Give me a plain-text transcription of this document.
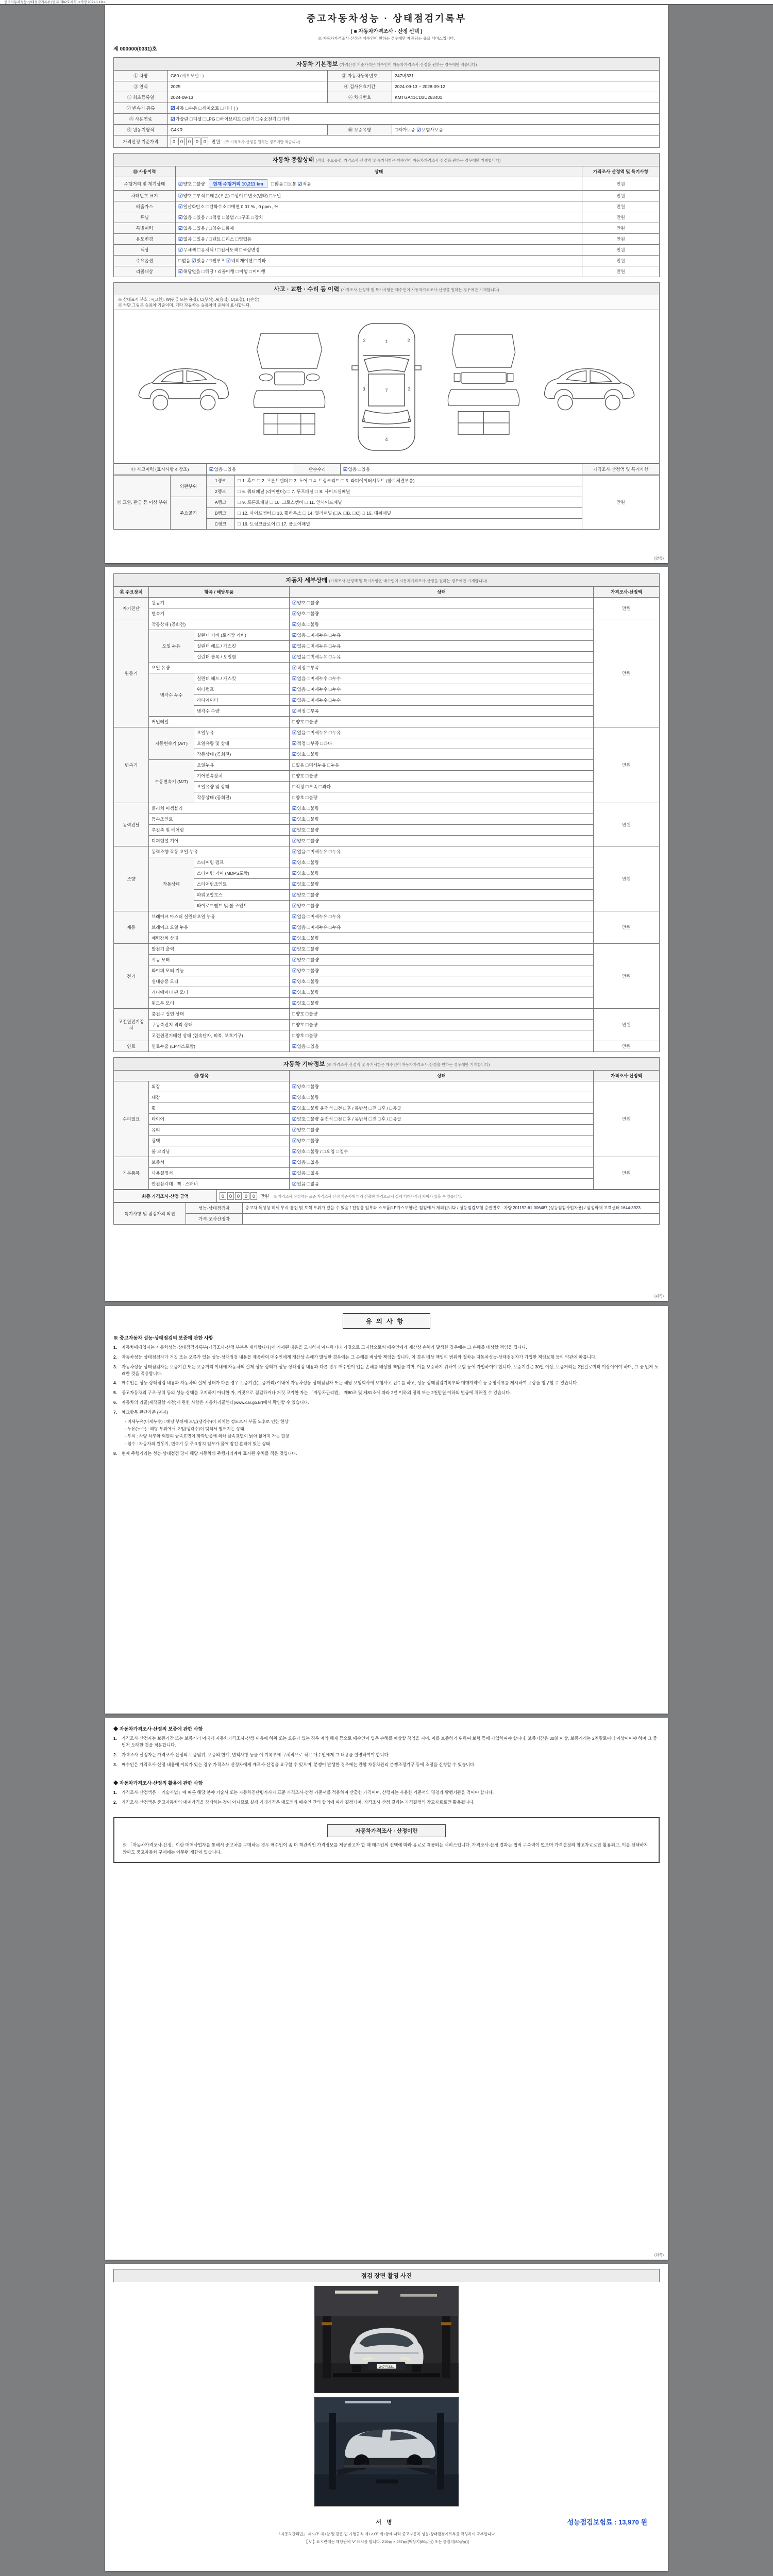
중고자동차성능·상태점검기록부 [별지 제82호서식] <개정 2021.1.19.>
중고자동차성능 · 상태점검기록부
( ■ 자동차가격조사 · 산정 선택 )
※ 자동차가격조사·산정은 매수인이 원하는 경우에만 제공되는 유료 서비스입니다.
제 000000(0331)호
자동차 기본정보 (가격산정 기준가격은 매수인이 자동차가격조사·산정을 원하는 경우에만 적습니다)
① 차명	G80 (세부모델 : )	② 자동차등록번호	247버331
③ 연식	2025	④ 검사유효기간	2024-09-13 ~ 2028-09-12
⑤ 최초등록일	2024-09-13	⑥ 차대번호	KMTGA41CD3U263401
⑦ 변속기 종류	☑자동 □수동 □세미오토 □기타 ( )		
⑧ 사용연료	☑가솔린 □디젤 □LPG □하이브리드 □전기 □수소전기 □기타		
⑨ 원동기형식	G4KR	⑩ 보증유형	□자가보증 ☑보험사보증
가격산정 기준가격	0 0 0 0 0 만원 (※ 가격조사·산정을 원하는 경우에만 적습니다)		
자동차 종합상태 (색상, 주요옵션, 가격조사·산정액 및 특기사항은 매수인이 자동차가격조사·산정을 원하는 경우에만 기재합니다)
⑩ 사용이력	상태	가격조사·산정액 및 특기사항
주행거리 및 계기상태	☑양호 □불량 현재 주행거리 10,211 km □많음 □보통 ☑적음	만원
차대번호 표기	☑양호 □부식 □훼손(오손) □상이 □변조(변타) □도말	만원
배출가스	☑일산화탄소 □탄화수소 □매연 0.01 % , 0 ppm , %	만원
튜닝	☑없음 □있음 / □적법 □불법 / □구조 □장치	만원
특별이력	☑없음 □있음 / □침수 □화재	만원
용도변경	☑없음 □있음 / □렌트 □리스 □영업용	만원
색상	☑무채색 □유채색 / □전체도색 □색상변경	만원
주요옵션	□없음 ☑있음 / □썬루프 ☑네비게이션 □기타	만원
리콜대상	☑해당없음 □해당 / 리콜이행 □이행 □미이행	만원
사고 · 교환 · 수리 등 이력 (가격조사·산정액 및 특기사항은 매수인이 자동차가격조사·산정을 원하는 경우에만 기재합니다)
※ 상태표시 부호 : ×(교환), W(판금 또는 용접), C(부식), A(흠집), U(요철), T(손상)
※ 하단 그림은 승용차 기준이며, 기타 자동차는 승용차에 준하여 표시합니다.
1
7
4
2	2
3	3
6	6
⑪ 사고이력 (표시사항 4 참조)	☑없음 □있음	단순수리	☑없음 □있음	가격조사·산정액 및 특기사항
⑫ 교환, 판금 등 이상 부위	외판부위	1랭크	□ 1. 후드 □ 2. 프론트펜더 □ 3. 도어 □ 4. 트렁크리드 □ 5. 라디에이터서포트 (볼트체결부품)	만원
		2랭크	□ 6. 쿼터패널 (리어펜더) □ 7. 루프패널 □ 8. 사이드실패널	
	주요골격	A랭크	□ 9. 프론트패널 □ 10. 크로스멤버 □ 11. 인사이드패널	
		B랭크	□ 12. 사이드멤버 □ 13. 휠하우스 □ 14. 필러패널 (□A, □B, □C) □ 15. 대쉬패널	
		C랭크	□ 16. 트렁크플로어 □ 17. 플로어패널	
(앞쪽)
자동차 세부상태 (가격조사·산정액 및 특기사항은 매수인이 자동차가격조사·산정을 원하는 경우에만 기재합니다)
⑬ 주요장치	항목 / 해당부품		상태	가격조사·산정액
자기진단	원동기		☑양호 □불량	만원
	변속기		☑양호 □불량	
원동기	작동상태 (공회전)		☑양호 □불량	만원
	오일 누유	실린더 커버 (로커암 커버)	☑없음 □미세누유 □누유	
		실린더 헤드 / 개스킷	☑없음 □미세누유 □누유	
		실린더 블록 / 오일팬	☑없음 □미세누유 □누유	
	오일 유량		☑적정 □부족	
	냉각수 누수	실린더 헤드 / 개스킷	☑없음 □미세누수 □누수	
		워터펌프	☑없음 □미세누수 □누수	
		라디에이터	☑없음 □미세누수 □누수	
		냉각수 수량	☑적정 □부족	
	커먼레일		□양호 □불량	
변속기	자동변속기 (A/T)	오일누유	☑없음 □미세누유 □누유	만원
		오일유량 및 상태	☑적정 □부족 □과다	
		작동상태 (공회전)	☑양호 □불량	
	수동변속기 (M/T)	오일누유	□없음 □미세누유 □누유	
		기어변속장치	□양호 □불량	
		오일유량 및 상태	□적정 □부족 □과다	
		작동상태 (공회전)	□양호 □불량	
동력전달	클러치 어셈블리		☑양호 □불량	만원
	등속조인트		☑양호 □불량	
	추진축 및 베어링		☑양호 □불량	
	디퍼렌셜 기어		☑양호 □불량	
조향	동력조향 작동 오일 누유		☑없음 □미세누유 □누유	만원
	작동상태	스티어링 펌프	☑양호 □불량	
		스티어링 기어 (MDPS포함)	☑양호 □불량	
		스티어링조인트	☑양호 □불량	
		파워고압호스	☑양호 □불량	
		타이로드엔드 및 볼 조인트	☑양호 □불량	
제동	브레이크 마스터 실린더오일 누유		☑없음 □미세누유 □누유	만원
	브레이크 오일 누유		☑없음 □미세누유 □누유	
	배력장치 상태		☑양호 □불량	
전기	발전기 출력		☑양호 □불량	만원
	시동 모터		☑양호 □불량	
	와이퍼 모터 기능		☑양호 □불량	
	실내송풍 모터		☑양호 □불량	
	라디에이터 팬 모터		☑양호 □불량	
	윈도우 모터		☑양호 □불량	
고전원전기장치	충전구 절연 상태		□양호 □불량	만원
	구동축전지 격리 상태		□양호 □불량	
	고전원전기배선 상태 (접속단자, 피복, 보호기구)		□양호 □불량	
연료	연료누출 (LP가스포함)		☑없음 □있음	만원
자동차 기타정보 (※ 가격조사·산정액 및 특기사항은 매수인이 자동차가격조사·산정을 원하는 경우에만 기재합니다)
⑭ 항목		상태	가격조사·산정액
수리필요	외장	☑양호 □불량	만원
	내장	☑양호 □불량	
	휠	☑양호 □불량 운전석 □전 □후 / 동반석 □전 □후 / □응급	
	타이어	☑양호 □불량 운전석 □전 □후 / 동반석 □전 □후 / □응급	
	유리	☑양호 □불량	
	광택	☑양호 □불량	
	룸 크리닝	☑양호 □불량 / □오염 □침수	
기본품목	보증서	☑있음 □없음	만원
	사용설명서	☑있음 □없음	
	안전삼각대 · 잭 · 스패너	☑있음 □없음	
최종 가격조사·산정 금액	0 0 0 0 0 만원 ※ 가격조사·산정액은 표준 가격조사·산정 기준서에 따라 산출한 가격으로서 실제 거래가격과 차이가 있을 수 있습니다.
특기사항 및 점검자의 의견	성능·상태점검자	중고차 특성상 미세 부식·흠집 및 도색 부위가 있을 수 있음 / 전장품 일부와 소모품(LP가스포함)은 점검에서 제외됩니다 / 성능점검보험 증권번호 : 차량 201192-61-006487 (성능점검사업자용) / 삼성화재 고객센터 1644-3923
	가격·조사산정자	
(뒤쪽)
유의사항
※ 중고자동차 성능·상태점검의 보증에 관한 사항
1.	자동차매매업자는 자동차성능·상태점검기록부(가격조사·산정 부분은 제외합니다)에 기재된 내용을 고지하지 아니하거나 거짓으로 고지함으로써 매수인에게 재산상 손해가 발생한 경우에는 그 손해를 배상할 책임을 집니다.
2.	자동차성능·상태점검자가 거짓 또는 오류가 있는 성능·상태점검 내용을 제공하여 매수인에게 재산상 손해가 발생한 경우에는 그 손해를 배상할 책임을 집니다. 이 경우 배상 책임의 범위와 절차는 자동차성능·상태점검자가 가입한 책임보험 등의 약관에 따릅니다.
3.	자동차성능·상태점검자는 보증기간 또는 보증거리 이내에 자동차의 실제 성능·상태가 성능·상태점검 내용과 다른 경우 매수인이 입은 손해를 배상할 책임을 지며, 이를 보증하기 위하여 보험 등에 가입하여야 합니다. 보증기간은 30일 이상, 보증거리는 2천킬로미터 이상이어야 하며, 그 중 먼저 도래한 것을 적용합니다.
4.	매수인은 성능·상태점검 내용과 자동차의 실제 상태가 다른 경우 보증기간(보증거리) 이내에 자동차성능·상태점검자 또는 해당 보험회사에 보험사고 접수를 하고, 성능·상태점검기록부와 매매계약서 등 증빙서류를 제시하여 보상을 청구할 수 있습니다.
5.	중고자동차의 구조·장치 등의 성능·상태를 고지하지 아니한 자, 거짓으로 점검하거나 거짓 고지한 자는 「자동차관리법」 제80조 및 제81조에 따라 2년 이하의 징역 또는 2천만원 이하의 벌금에 처해질 수 있습니다.
6.	자동차의 리콜(제작결함 시정)에 관한 사항은 자동차리콜센터(www.car.go.kr)에서 확인할 수 있습니다.
7.	체크항목 판단기준 (예시)
- 미세누유(미세누수) : 해당 부위에 오일(냉각수)이 비치는 정도로서 부품 노후로 인한 현상
- 누유(누수) : 해당 부위에서 오일(냉각수)이 맺혀서 떨어지는 상태
- 부식 : 차량 하부와 외판의 금속표면이 화학반응에 의해 금속표면이 낡아 없어져 가는 현상
- 침수 : 자동차의 원동기, 변속기 등 주요장치 일부가 물에 잠긴 흔적이 있는 상태
8.	현재 주행거리는 성능·상태점검 당시 해당 자동차의 주행거리계에 표시된 수치를 적은 것입니다.
◆ 자동차가격조사·산정의 보증에 관한 사항
1.	가격조사·산정자는 보증기간 또는 보증거리 이내에 자동차가격조사·산정 내용에 허위 또는 오류가 있는 경우 계약 해제 등으로 매수인이 입은 손해를 배상할 책임을 지며, 이를 보증하기 위하여 보험 등에 가입하여야 합니다. 보증기간은 30일 이상, 보증거리는 2천킬로미터 이상이어야 하며 그 중 먼저 도래한 것을 적용합니다.
2.	가격조사·산정자는 가격조사·산정의 보증범위, 보증의 한계, 면책사항 등을 이 기록부에 구체적으로 적고 매수인에게 그 내용을 설명하여야 합니다.
3.	매수인은 가격조사·산정 내용에 이의가 있는 경우 가격조사·산정자에게 재조사·산정을 요구할 수 있으며, 분쟁이 발생한 경우에는 관할 자동차관리 분쟁조정기구 등에 조정을 신청할 수 있습니다.
◆ 자동차가격조사·산정의 활용에 관한 사항
1.	가격조사·산정액은 「기술사법」에 따른 해당 분야 기술사 또는 자동차진단평가사가 표준 가격조사·산정 기준서를 적용하여 산출한 가격이며, 산정자는 사용한 기준서의 명칭과 발행기관을 적어야 합니다.
2.	가격조사·산정액은 중고자동차의 매매가격을 강제하는 것이 아니므로 실제 거래가격은 매도인과 매수인 간의 합의에 따라 결정되며, 가격조사·산정 결과는 가격결정의 참고자료로만 활용됩니다.
자동차가격조사 · 산정이란
※ 「자동차가격조사·산정」이란 매매사업자를 통해서 중고차를 구매하는 경우 매수인이 좀 더 객관적인 가격정보를 제공받고자 할 때 매수인의 선택에 따라 유료로 제공되는 서비스입니다. 가격조사·산정 결과는 법적 구속력이 없으며 가격결정의 참고자료로만 활용되고, 이를 선택하지 않아도 중고자동차 구매에는 아무런 제한이 없습니다.
(뒤쪽)
점검 장면 촬영 사진
247버331
서명	성능점검보험료 : 13,970 원
「자동차관리법」 제58조 제1항 및 같은 법 시행규칙 제120조 제1항에 따라 중고자동차 성능·상태점검기록부를 작성하여 교부합니다.
【 V 】표시란에는 해당란에 'V' 표시를 합니다. 210㎜ × 297㎜ [백상지(80g/㎡) 또는 중질지(80g/㎡)]
